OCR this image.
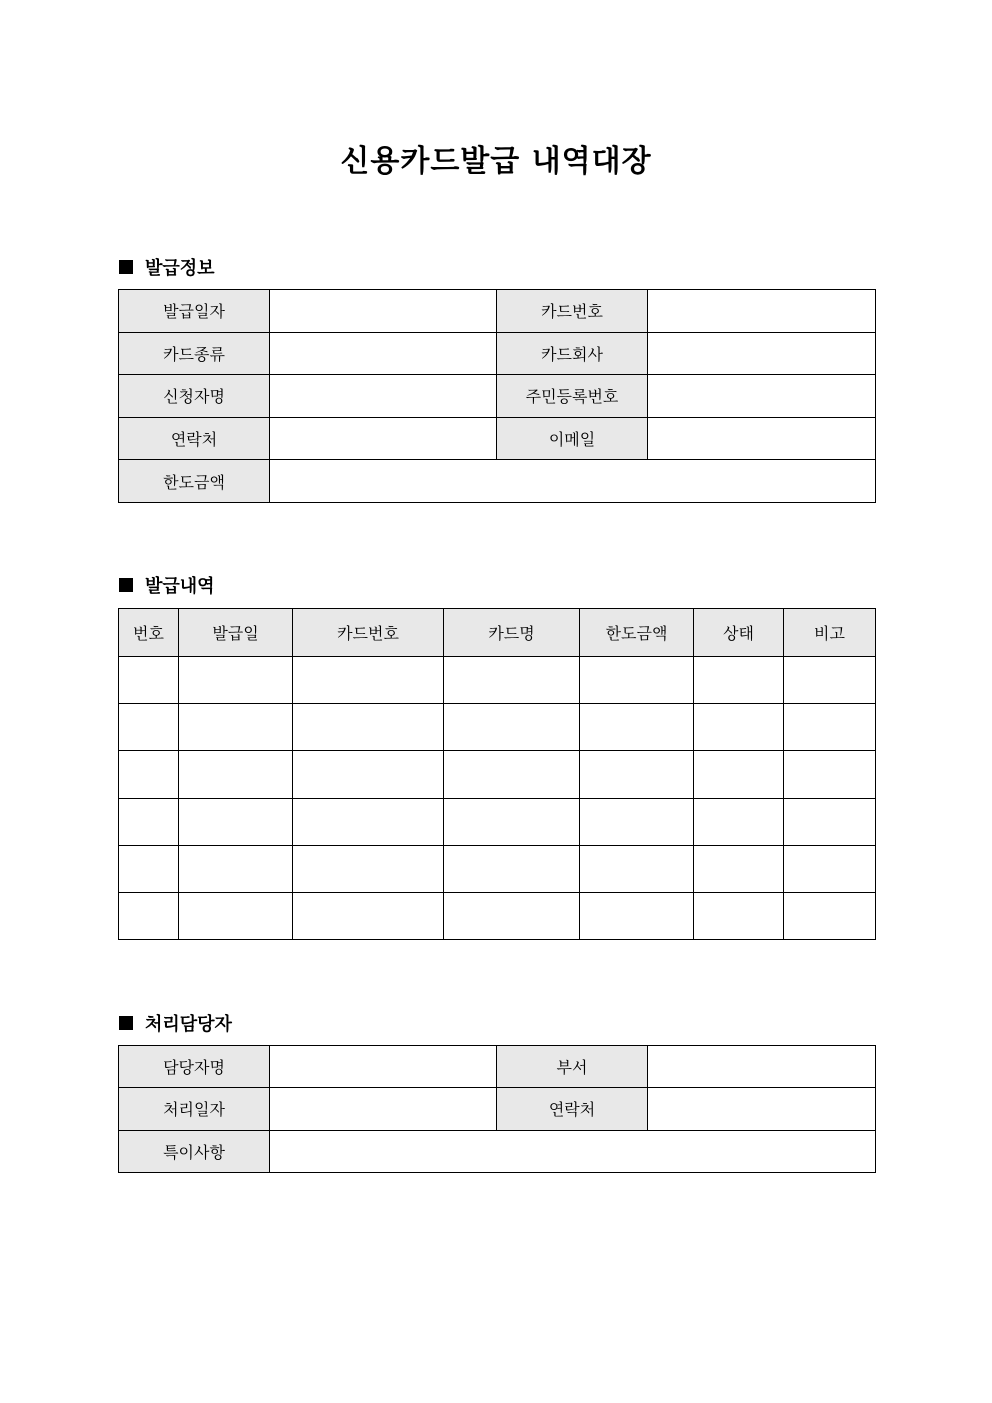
신용카드발급 내역대장
발급정보
발급일자		카드번호	
카드종류		카드회사	
신청자명		주민등록번호	
연락처		이메일	
한도금액			
발급내역
번호	발급일	카드번호	카드명	한도금액	상태	비고

처리담당자
담당자명		부서	
처리일자		연락처	
특이사항			
